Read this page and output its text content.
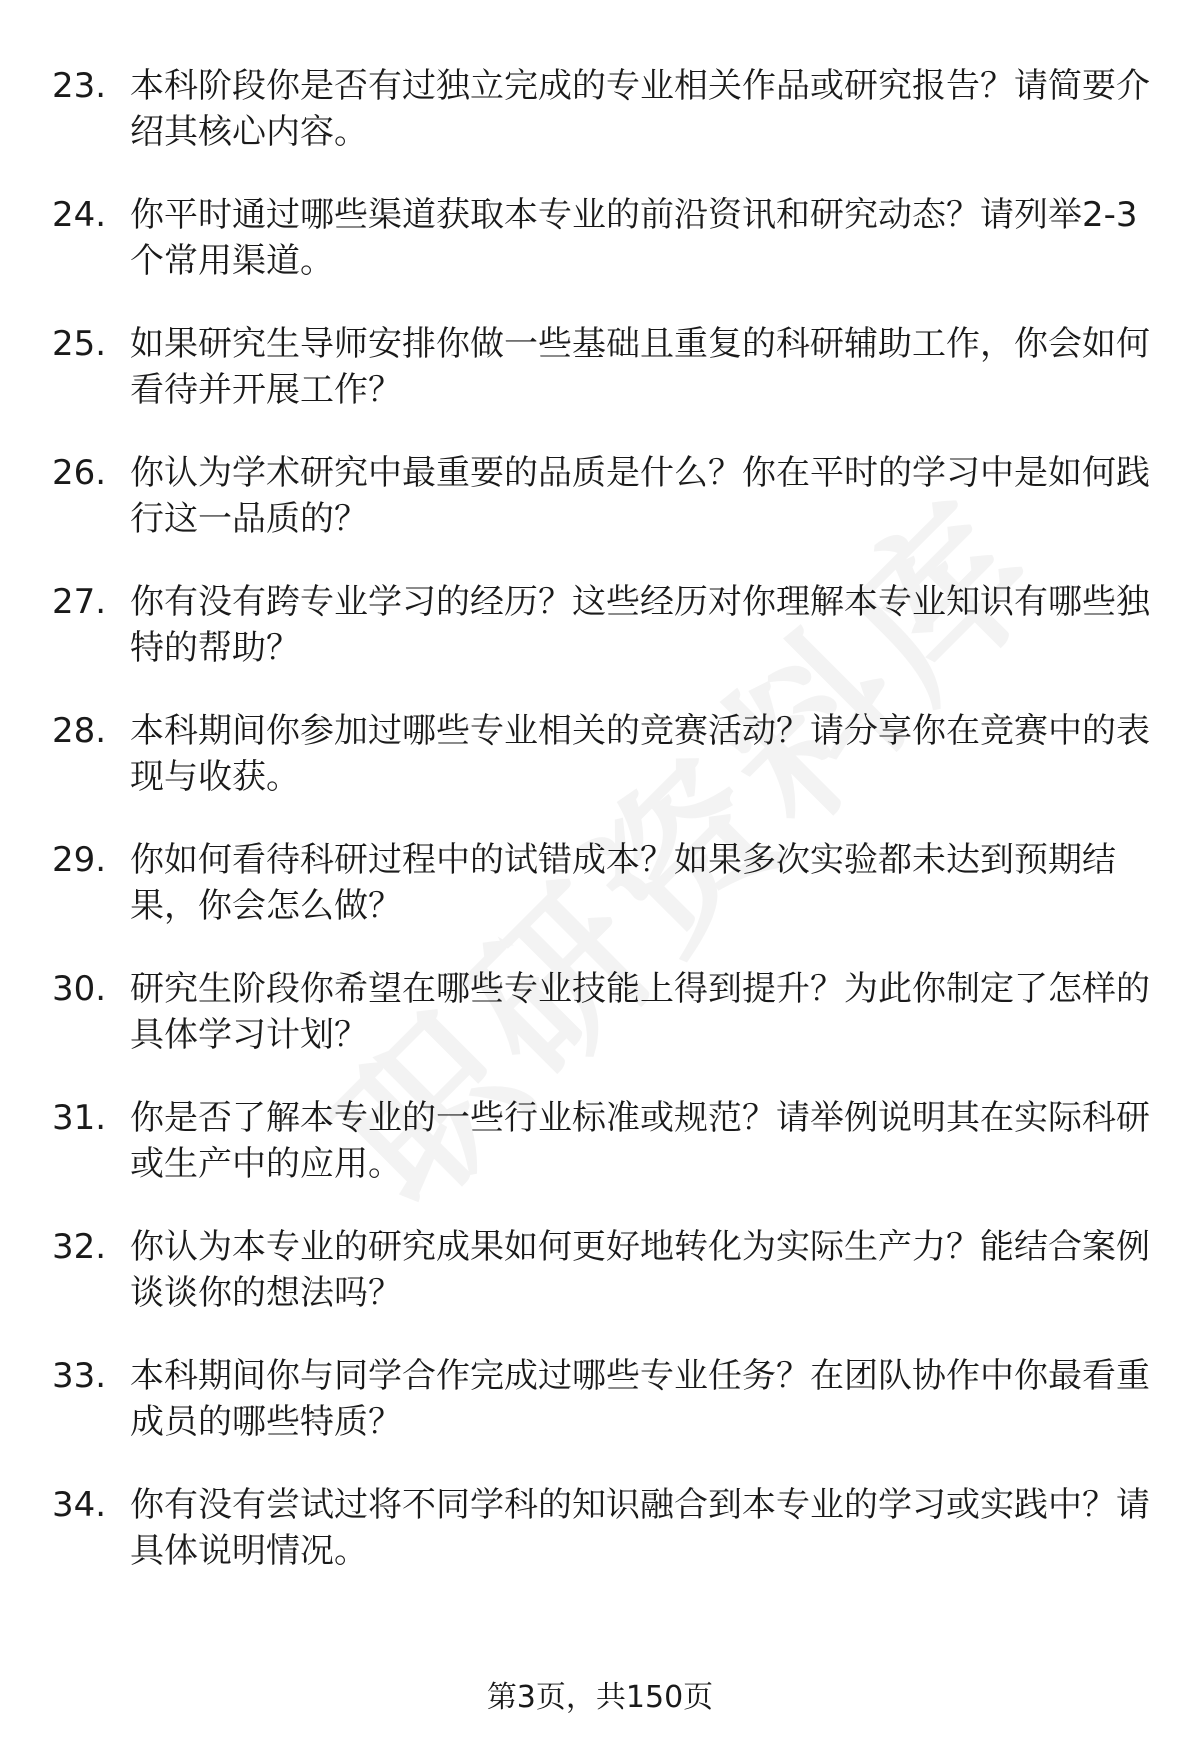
23. 本科阶段你是否有过独立完成的专业相关作品或研究报告？请简要介绍其核心内容。
24. 你平时通过哪些渠道获取本专业的前沿资讯和研究动态？请列举2-3个常用渠道。
25. 如果研究生导师安排你做一些基础且重复的科研辅助工作，你会如何看待并开展工作？
26. 你认为学术研究中最重要的品质是什么？你在平时的学习中是如何践行这一品质的？
27. 你有没有跨专业学习的经历？这些经历对你理解本专业知识有哪些独特的帮助？
28. 本科期间你参加过哪些专业相关的竞赛活动？请分享你在竞赛中的表现与收获。
29. 你如何看待科研过程中的试错成本？如果多次实验都未达到预期结果，你会怎么做？
30. 研究生阶段你希望在哪些专业技能上得到提升？为此你制定了怎样的具体学习计划？
31. 你是否了解本专业的一些行业标准或规范？请举例说明其在实际科研或生产中的应用。
32. 你认为本专业的研究成果如何更好地转化为实际生产力？能结合案例谈谈你的想法吗？
33. 本科期间你与同学合作完成过哪些专业任务？在团队协作中你最看重成员的哪些特质？
34. 你有没有尝试过将不同学科的知识融合到本专业的学习或实践中？请具体说明情况。
第3页，共150页
